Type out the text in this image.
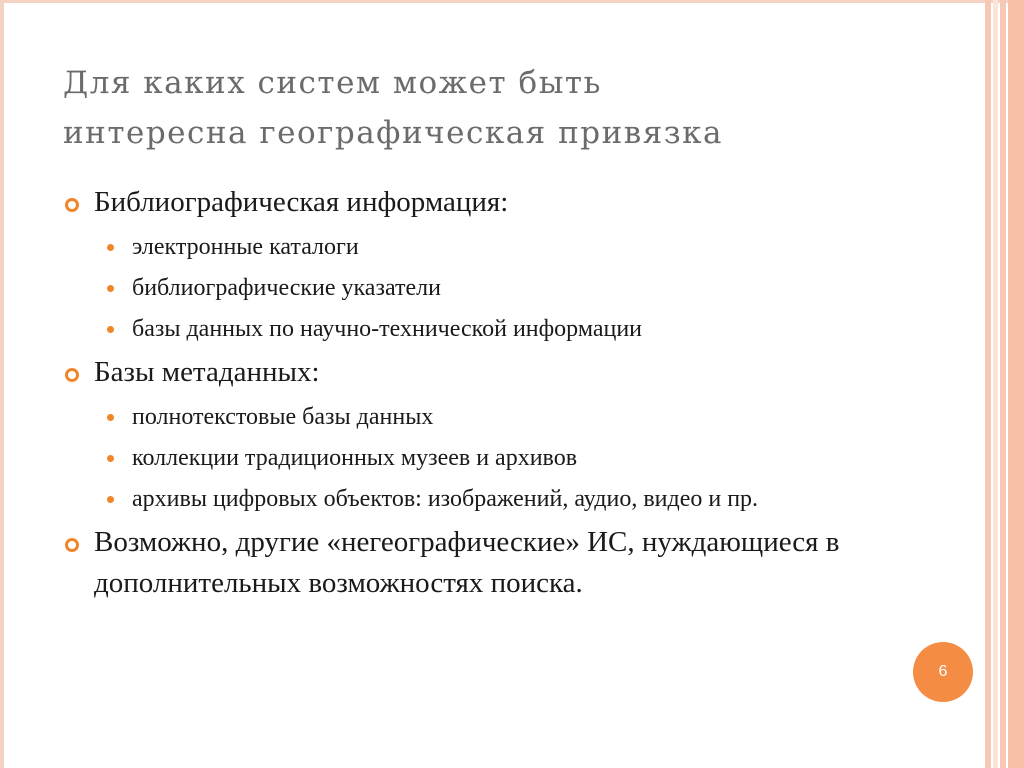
Для каких систем может быть
интересна географическая привязка

Библиографическая информация:

электронные каталоги

библиографические указатели

базы данных по научно-технической информации

Базы метаданных:

полнотекстовые базы данных

коллекции традиционных музеев и архивов

архивы цифровых объектов: изображений, аудио, видео и пр.

Возможно, другие «негеографические» ИС, нуждающиеся в дополнительных возможностях поиска.

6
